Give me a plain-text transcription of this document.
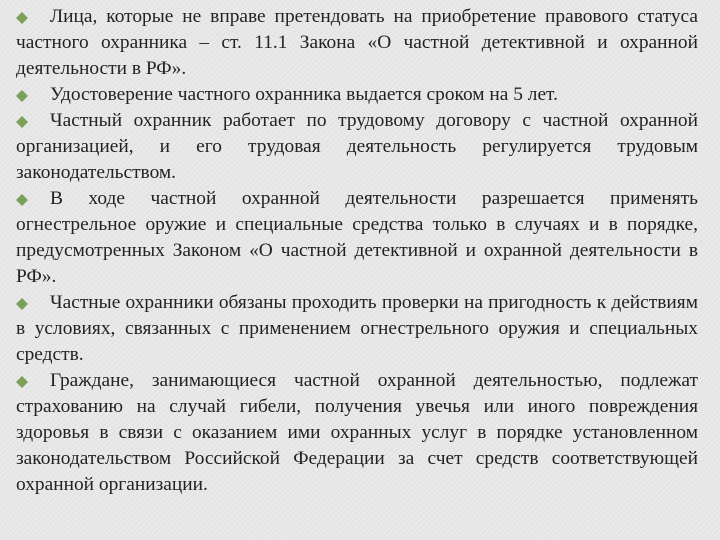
Лица, которые не вправе претендовать на приобретение правового статуса частного охранника – ст. 11.1 Закона «О частной детективной и охранной деятельности в РФ».
Удостоверение частного охранника выдается сроком на 5 лет.
Частный охранник работает по трудовому договору с частной охранной организацией, и его трудовая деятельность регулируется трудовым законодательством.
В ходе частной охранной деятельности разрешается применять огнестрельное оружие и специальные средства только в случаях и в порядке, предусмотренных Законом «О частной детективной и охранной деятельности в РФ».
Частные охранники обязаны проходить проверки на пригодность к действиям в условиях, связанных с применением огнестрельного оружия и специальных средств.
Граждане, занимающиеся частной охранной деятельностью, подлежат страхованию на случай гибели, получения увечья или иного повреждения здоровья в связи с оказанием ими охранных услуг в порядке установленном законодательством Российской Федерации за счет средств соответствующей охранной организации.
